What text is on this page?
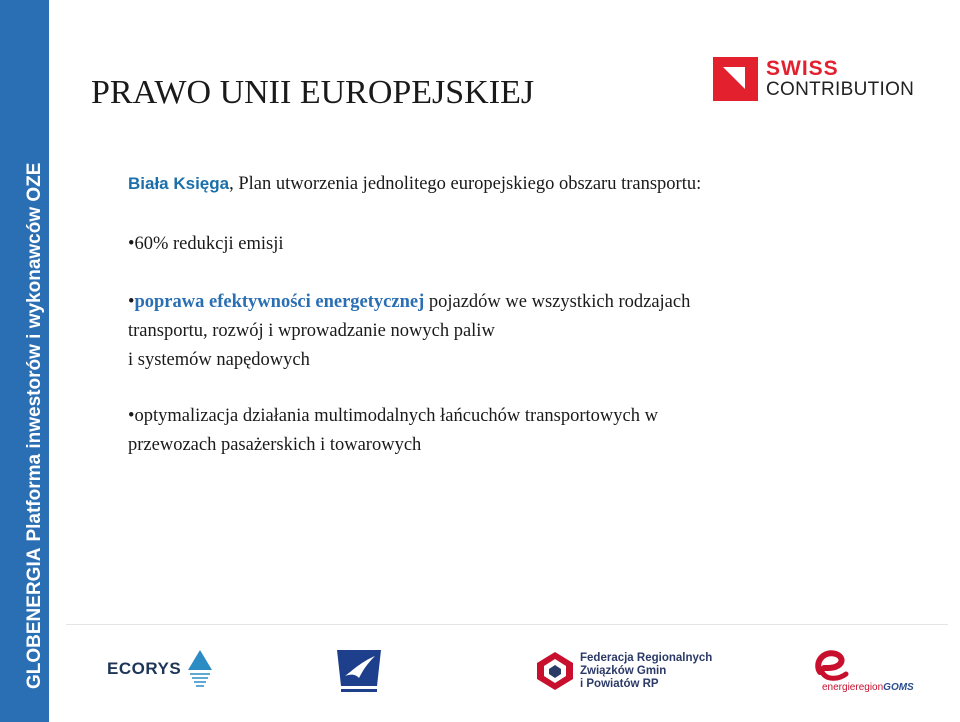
GLOBENERGIAPlatforma inwestorów i wykonawców OZE
PRAWO UNII EUROPEJSKIEJ
SWISS
CONTRIBUTION
Biała Księga, Plan utworzenia jednolitego europejskiego obszaru transportu:
•60% redukcji emisji
•poprawa efektywności energetycznej pojazdów we wszystkich rodzajach
transportu, rozwój i wprowadzanie nowych paliw
i systemów napędowych
•optymalizacja działania multimodalnych łańcuchów transportowych w
przewozach pasażerskich i towarowych
ECORYS
Federacja Regionalnych
Związków Gmin
i Powiatów RP	energieregionGOMS
